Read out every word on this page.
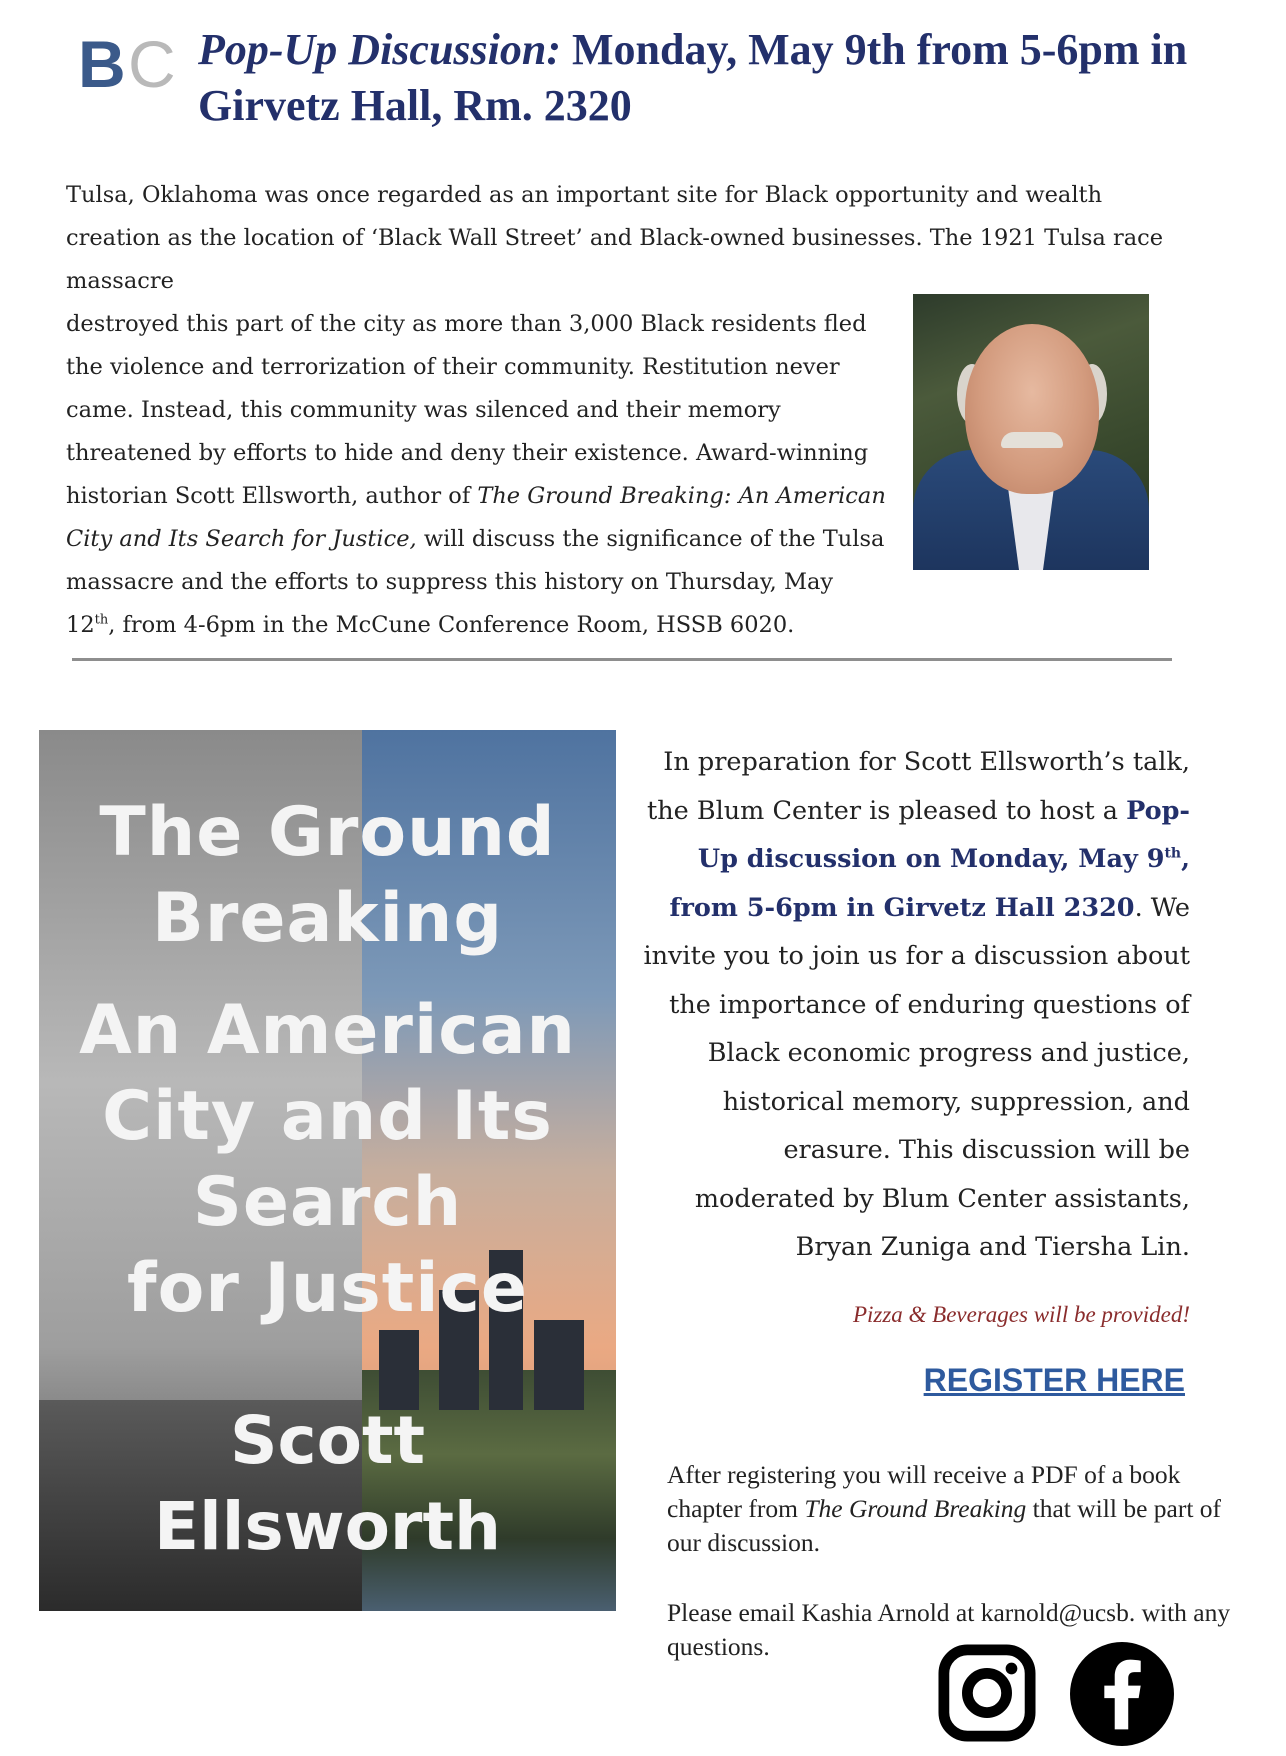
B C Pop-Up Discussion: Monday, May 9th from 5-6pm in Girvetz Hall, Rm. 2320
Tulsa, Oklahoma was once regarded as an important site for Black opportunity and wealth creation as the location of ‘Black Wall Street’ and Black-owned businesses. The 1921 Tulsa race massacre
destroyed this part of the city as more than 3,000 Black residents fled the violence and terrorization of their community. Restitution never came. Instead, this community was silenced and their memory threatened by efforts to hide and deny their existence. Award-winning historian Scott Ellsworth, author of The Ground Breaking: An American City and Its Search for Justice, will discuss the significance of the Tulsa massacre and the efforts to suppress this history on Thursday, May 12th, from 4-6pm in the McCune Conference Room, HSSB 6020.
The Ground
Breaking
An American
City and Its
Search
for Justice
Scott
Ellsworth
In preparation for Scott Ellsworth’s talk, the Blum Center is pleased to host a Pop-Up discussion on Monday, May 9th, from 5-6pm in Girvetz Hall 2320. We invite you to join us for a discussion about the importance of enduring questions of Black economic progress and justice, historical memory, suppression, and erasure. This discussion will be moderated by Blum Center assistants, Bryan Zuniga and Tiersha Lin.
Pizza & Beverages will be provided!
REGISTER HERE
After registering you will receive a PDF of a book chapter from The Ground Breaking that will be part of our discussion.
Please email Kashia Arnold at karnold@ucsb. with any questions.
